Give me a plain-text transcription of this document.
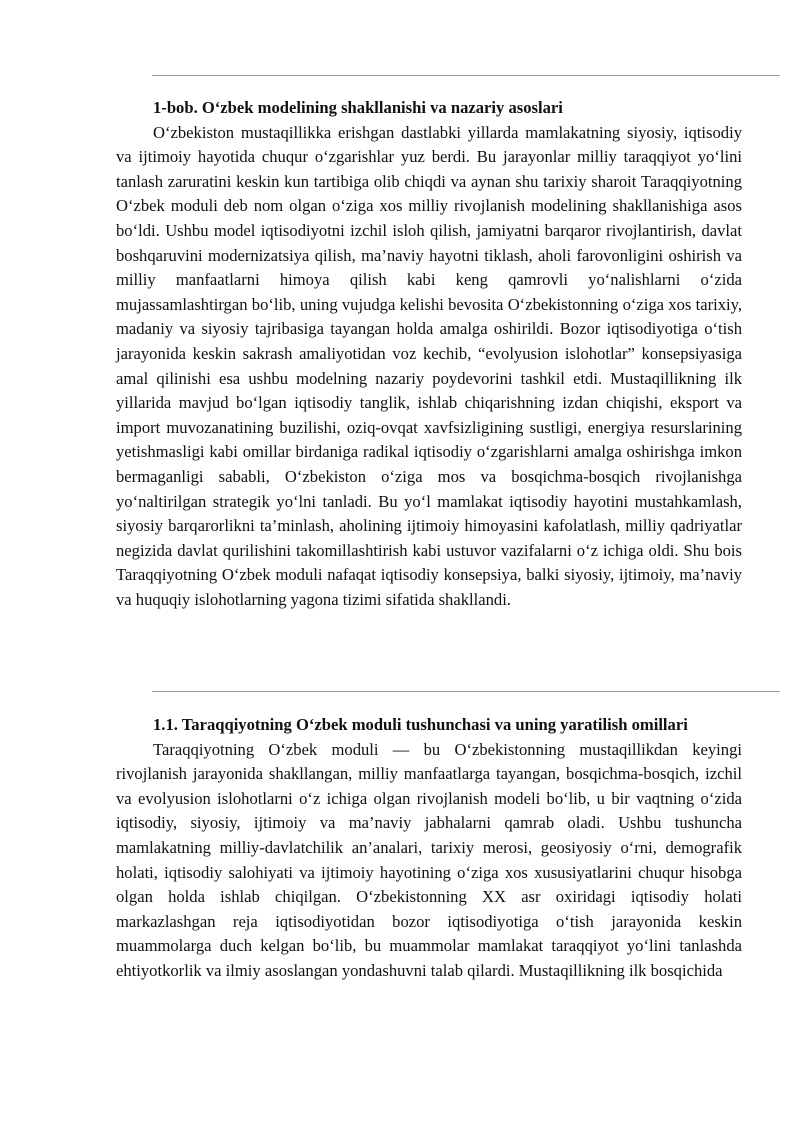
1-bob. O‘zbek modelining shakllanishi va nazariy asoslari

O‘zbekiston mustaqillikka erishgan dastlabki yillarda mamlakatning siyosiy, iqtisodiy va ijtimoiy hayotida chuqur o‘zgarishlar yuz berdi. Bu jarayonlar milliy taraqqiyot yo‘lini tanlash zaruratini keskin kun tartibiga olib chiqdi va aynan shu tarixiy sharoit Taraqqiyotning O‘zbek moduli deb nom olgan o‘ziga xos milliy rivojlanish modelining shakllanishiga asos bo‘ldi. Ushbu model iqtisodiyotni izchil isloh qilish, jamiyatni barqaror rivojlantirish, davlat boshqaruvini modernizatsiya qilish, ma’naviy hayotni tiklash, aholi farovonligini oshirish va milliy manfaatlarni himoya qilish kabi keng qamrovli yo‘nalishlarni o‘zida mujassamlashtirgan bo‘lib, uning vujudga kelishi bevosita O‘zbekistonning o‘ziga xos tarixiy, madaniy va siyosiy tajribasiga tayangan holda amalga oshirildi. Bozor iqtisodiyotiga o‘tish jarayonida keskin sakrash amaliyotidan voz kechib, “evolyusion islohotlar” konsepsiyasiga amal qilinishi esa ushbu modelning nazariy poydevorini tashkil etdi. Mustaqillikning ilk yillarida mavjud bo‘lgan iqtisodiy tanglik, ishlab chiqarishning izdan chiqishi, eksport va import muvozanatining buzilishi, oziq-ovqat xavfsizligining sustligi, energiya resurslarining yetishmasligi kabi omillar birdaniga radikal iqtisodiy o‘zgarishlarni amalga oshirishga imkon bermaganligi sababli, O‘zbekiston o‘ziga mos va bosqichma-bosqich rivojlanishga yo‘naltirilgan strategik yo‘lni tanladi. Bu yo‘l mamlakat iqtisodiy hayotini mustahkamlash, siyosiy barqarorlikni ta’minlash, aholining ijtimoiy himoyasini kafolatlash, milliy qadriyatlar negizida davlat qurilishini takomillashtirish kabi ustuvor vazifalarni o‘z ichiga oldi. Shu bois Taraqqiyotning O‘zbek moduli nafaqat iqtisodiy konsepsiya, balki siyosiy, ijtimoiy, ma’naviy va huquqiy islohotlarning yagona tizimi sifatida shakllandi.

1.1. Taraqqiyotning O‘zbek moduli tushunchasi va uning yaratilish omillari

Taraqqiyotning O‘zbek moduli — bu O‘zbekistonning mustaqillikdan keyingi rivojlanish jarayonida shakllangan, milliy manfaatlarga tayangan, bosqichma-bosqich, izchil va evolyusion islohotlarni o‘z ichiga olgan rivojlanish modeli bo‘lib, u bir vaqtning o‘zida iqtisodiy, siyosiy, ijtimoiy va ma’naviy jabhalarni qamrab oladi. Ushbu tushuncha mamlakatning milliy-davlatchilik an’analari, tarixiy merosi, geosiyosiy o‘rni, demografik holati, iqtisodiy salohiyati va ijtimoiy hayotining o‘ziga xos xususiyatlarini chuqur hisobga olgan holda ishlab chiqilgan. O‘zbekistonning XX asr oxiridagi iqtisodiy holati markazlashgan reja iqtisodiyotidan bozor iqtisodiyotiga o‘tish jarayonida keskin muammolarga duch kelgan bo‘lib, bu muammolar mamlakat taraqqiyot yo‘lini tanlashda ehtiyotkorlik va ilmiy asoslangan yondashuvni talab qilardi. Mustaqillikning ilk bosqichida
